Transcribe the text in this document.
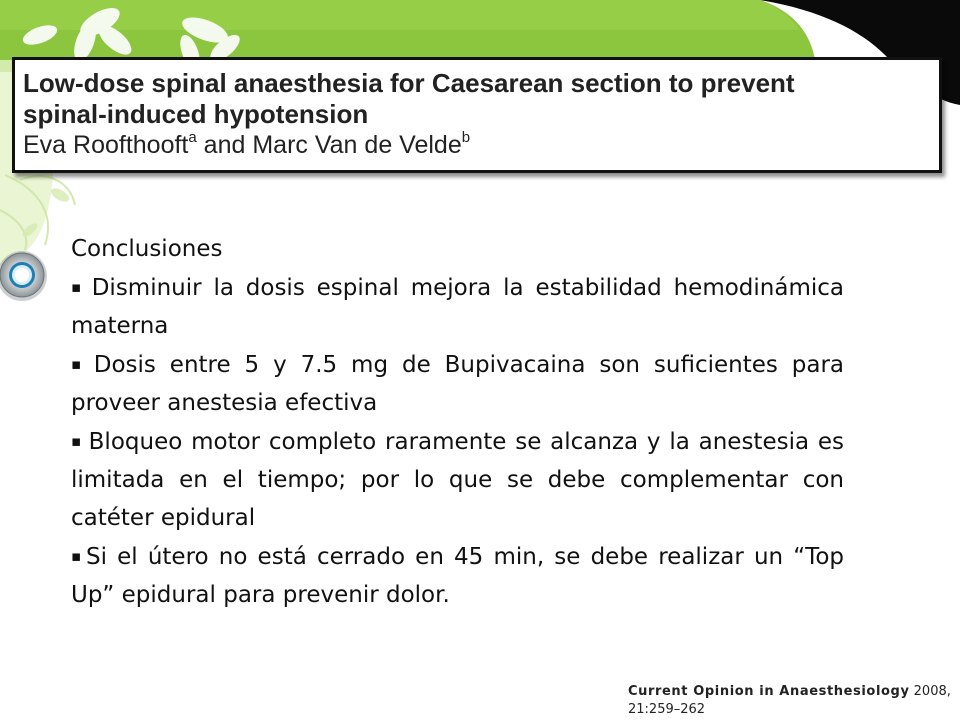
Low-dose spinal anaesthesia for Caesarean section to prevent
spinal-induced hypotension
Eva Roofthooft$^a$ and Marc Van de Velde$^b$
Conclusiones

▪ Disminuir la dosis espinal mejora la estabilidad hemodinámica materna

▪ Dosis entre 5 y 7.5 mg de Bupivacaina son suficientes para proveer anestesia efectiva

▪ Bloqueo motor completo raramente se alcanza y la anestesia es limitada en el tiempo; por lo que se debe complementar con catéter epidural

▪Si el útero no está cerrado en 45 min, se debe realizar un “Top Up” epidural para prevenir dolor.

Current Opinion in Anaesthesiology 2008, 21:259–262
